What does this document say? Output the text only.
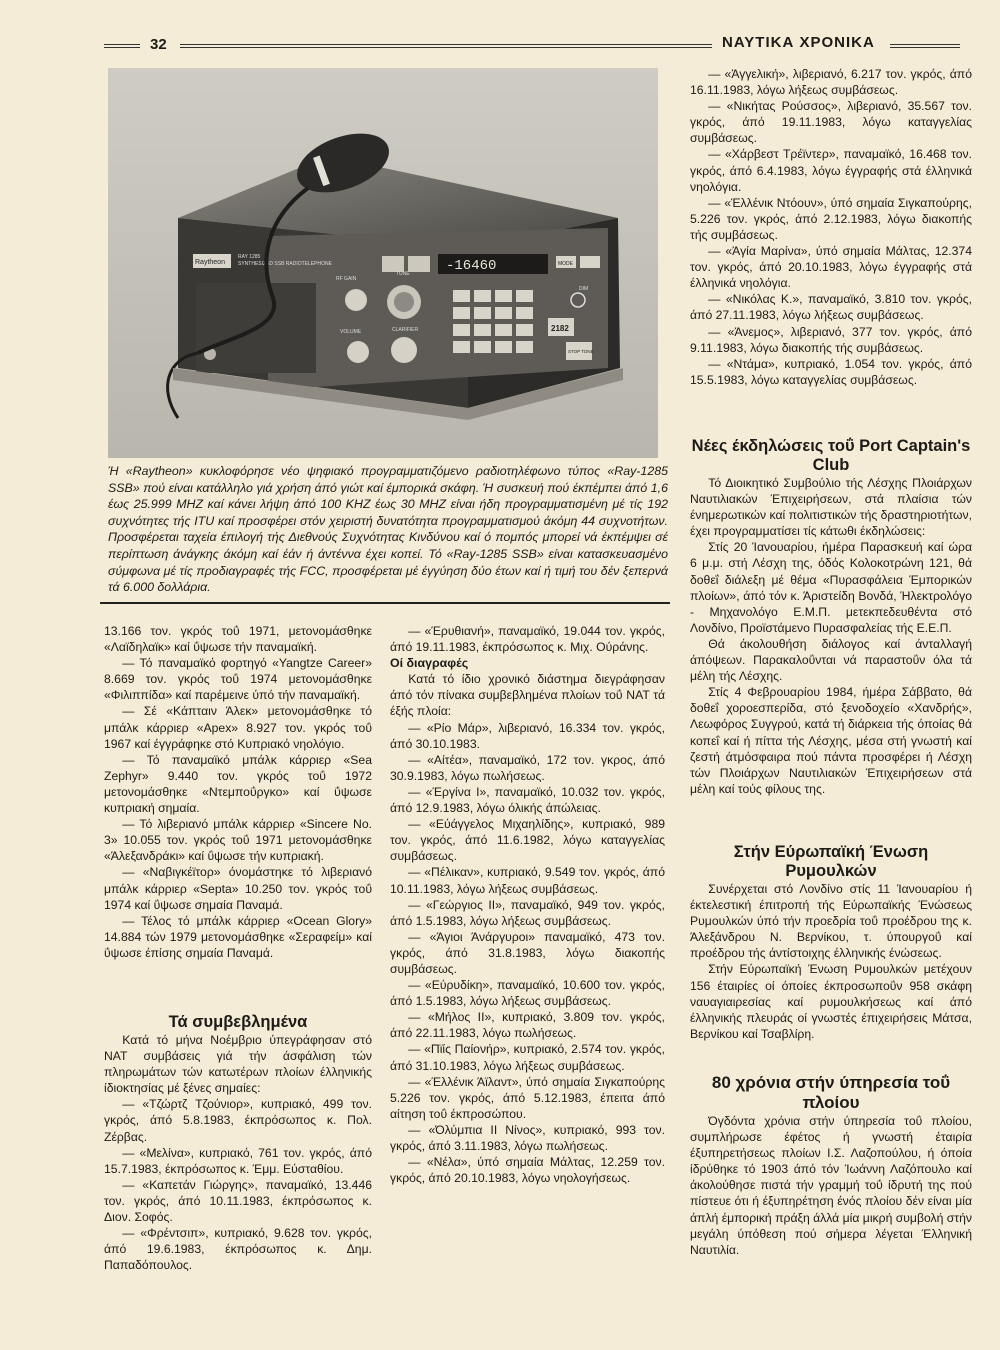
32	ΝΑΥΤΙΚΑ ΧΡΟΝΙΚΑ
Raytheon
RAY 1285
SYNTHESIZED SSB RADIOTELEPHONE	-16460	MODE
DIM
2182
STOP TONE
RF GAIN
TUNE
VOLUME	CLARIFIER
Ή «Raytheon» κυκλοφόρησε νέο ψηφιακό προγραμματιζόμενο ραδιοτηλέφωνο τύπος «Ray-1285 SSB» πού είναι κατάλληλο γιά χρήση άπό γιώτ καί έμπορικά σκάφη. Ή συσκευή πού έκπέμπει άπό 1,6 έως 25.999 MHZ καί κάνει λήψη άπό 100 KHZ έως 30 MHZ είναι ήδη προγραμματισμένη μέ τίς 192 συχνότητες τής ITU καί προσφέρει στόν χειριστή δυνατότητα προγραμματισμού άκόμη 44 συχνοτήτων. Προσφέρεται ταχεία έπιλογή τής Διεθνούς Συχνότητας Κινδύνου καί ό πομπός μπορεί νά έκπέμψει σέ περίπτωση άνάγκης άκόμη καί έάν ή άντέννα έχει κοπεί. Τό «Ray-1285 SSB» είναι κατασκευασμένο σύμφωνα μέ τίς προδιαγραφές τής FCC, προσφέρεται μέ έγγύηση δύο έτων καί ή τιμή του δέν ξεπερνά τά 6.000 δολλάρια.

13.166 τον. γκρός τοΰ 1971, μετονομάσθηκε «Λαϊδηλαϊκ» καί ΰψωσε τήν παναμαϊκή.

— Τό παναμαϊκό φορτηγό «Yangtze Career» 8.669 τον. γκρός τοΰ 1974 μετονομάσθηκε «Φιλιππίδα» καί παρέμεινε ύπό τήν παναμαϊκή.

— Σέ «Κάπταιν Άλεκ» μετονομάσθηκε τό μπάλκ κάρριερ «Apex» 8.927 τον. γκρός τοΰ 1967 καί έγγράφηκε στό Κυπριακό νηολόγιο.

— Τό παναμαϊκό μπάλκ κάρριερ «Sea Zephyr» 9.440 τον. γκρός τοΰ 1972 μετονομάσθηκε «Ντεμποΰργκο» καί ΰψωσε κυπριακή σημαία.

— Τό λιβεριανό μπάλκ κάρριερ «Sincere No. 3» 10.055 τον. γκρός τοΰ 1971 μετονομάσθηκε «Άλεξανδράκι» καί ΰψωσε τήν κυπριακή.

— «Ναβιγκέϊτορ» όνομάστηκε τό λιβεριανό μπάλκ κάρριερ «Septa» 10.250 τον. γκρός τοΰ 1974 καί ΰψωσε σημαία Παναμά.

— Τέλος τό μπάλκ κάρριερ «Ocean Glory» 14.884 τών 1979 μετονομάσθηκε «Σεραφείμ» καί ΰψωσε έπίσης σημαία Παναμά.

Τά συμβεβλημένα

Κατά τό μήνα Νοέμβριο ύπεγράφησαν στό ΝΑΤ συμβάσεις γιά τήν άσφάλιση τών πληρωμάτων τών κατωτέρων πλοίων έλληνικής ίδιοκτησίας μέ ξένες σημαίες:

— «Τζώρτζ Τζούνιορ», κυπριακό, 499 τον. γκρός, άπό 5.8.1983, έκπρόσωπος κ. Πολ. Ζέρβας.

— «Μελίνα», κυπριακό, 761 τον. γκρός, άπό 15.7.1983, έκπρόσωπος κ. Έμμ. Εύσταθίου.

— «Καπετάν Γιώργης», παναμαϊκό, 13.446 τον. γκρός, άπό 10.11.1983, έκπρόσωπος κ. Διον. Σοφός.

— «Φρέντσιπ», κυπριακό, 9.628 τον. γκρός, άπό 19.6.1983, έκπρόσωπος κ. Δημ. Παπαδόπουλος.

— «Έρυθιανή», παναμαϊκό, 19.044 τον. γκρός, άπό 19.11.1983, έκπρόσωπος κ. Μιχ. Ούράνης.

Οί διαγραφές

Κατά τό ίδιο χρονικό διάστημα διεγράφησαν άπό τόν πίνακα συμβεβλημένα πλοίων τοΰ ΝΑΤ τά έξής πλοία:

— «Ρίο Μάρ», λιβεριανό, 16.334 τον. γκρός, άπό 30.10.1983.

— «Αίτέα», παναμαϊκό, 172 τον. γκρος, άπό 30.9.1983, λόγω πωλήσεως.

— «Έργίνα Ι», παναμαϊκό, 10.032 τον. γκρός, άπό 12.9.1983, λόγω όλικής άπώλειας.

— «Εύάγγελος Μιχαηλίδης», κυπριακό, 989 τον. γκρός, άπό 11.6.1982, λόγω καταγγελίας συμβάσεως.

— «Πέλικαν», κυπριακό, 9.549 τον. γκρός, άπό 10.11.1983, λόγω λήξεως συμβάσεως.

— «Γεώργιος ΙΙ», παναμαϊκό, 949 τον. γκρός, άπό 1.5.1983, λόγω λήξεως συμβάσεως.

— «Άγιοι Άνάργυροι» παναμαϊκό, 473 τον. γκρός, άπό 31.8.1983, λόγω διακοπής συμβάσεως.

— «Εύρυδίκη», παναμαϊκό, 10.600 τον. γκρός, άπό 1.5.1983, λόγω λήξεως συμβάσεως.

— «Μήλος ΙΙ», κυπριακό, 3.809 τον. γκρός, άπό 22.11.1983, λόγω πωλήσεως.

— «Πϊίς Παίονήρ», κυπριακό, 2.574 τον. γκρός, άπό 31.10.1983, λόγω λήξεως συμβάσεως.

— «Έλλένικ Άϊλαντ», ύπό σημαία Σιγκαπούρης 5.226 τον. γκρός, άπό 5.12.1983, έπειτα άπό αίτηση τοΰ έκπροσώπου.

— «Όλύμπια ΙΙ Νίνος», κυπριακό, 993 τον. γκρός, άπό 3.11.1983, λόγω πωλήσεως.

— «Νέλα», ύπό σημαία Μάλτας, 12.259 τον. γκρός, άπό 20.10.1983, λόγω νηολογήσεως.

— «Άγγελική», λιβεριανό, 6.217 τον. γκρός, άπό 16.11.1983, λόγω λήξεως συμβάσεως.

— «Νικήτας Ρούσσος», λιβεριανό, 35.567 τον. γκρός, άπό 19.11.1983, λόγω καταγγελίας συμβάσεως.

— «Χάρβεστ Τρέϊντερ», παναμαϊκό, 16.468 τον. γκρός, άπό 6.4.1983, λόγω έγγραφής στά έλληνικά νηολόγια.

— «Έλλένικ Ντόουν», ύπό σημαία Σιγκαπούρης, 5.226 τον. γκρός, άπό 2.12.1983, λόγω διακοπής τής συμβάσεως.

— «Άγία Μαρίνα», ύπό σημαία Μάλτας, 12.374 τον. γκρός, άπό 20.10.1983, λόγω έγγραφής στά έλληνικά νηολόγια.

— «Νικόλας Κ.», παναμαϊκό, 3.810 τον. γκρός, άπό 27.11.1983, λόγω λήξεως συμβάσεως.

— «Άνεμος», λιβεριανό, 377 τον. γκρός, άπό 9.11.1983, λόγω διακοπής τής συμβάσεως.

— «Ντάμα», κυπριακό, 1.054 τον. γκρός, άπό 15.5.1983, λόγω καταγγελίας συμβάσεως.

Νέες έκδηλώσεις τοΰ Port Captain's Club

Τό Διοικητικό Συμβούλιο τής Λέσχης Πλοιάρχων Ναυτιλιακών Έπιχειρήσεων, στά πλαίσια τών ένημερωτικών καί πολιτιστικών τής δραστηριοτήτων, έχει προγραμματίσει τίς κάτωθι έκδηλώσεις:

Στίς 20 Ίανουαρίου, ήμέρα Παρασκευή καί ώρα 6 μ.μ. στή Λέσχη της, όδός Κολοκοτρώνη 121, θά δοθεΐ διάλεξη μέ θέμα «Πυρασφάλεια Έμπορικών πλοίων», άπό τόν κ. Άριστείδη Βονδά, Ήλεκτρολόγο - Μηχανολόγο Ε.Μ.Π. μετεκπεδευθέντα στό Λονδίνο, Προϊστάμενο Πυρασφαλείας τής Ε.Ε.Π.

Θά άκολουθήση διάλογος καί άνταλλαγή άπόψεων. Παρακαλοΰνται νά παραστοΰν όλα τά μέλη τής Λέσχης.

Στίς 4 Φεβρουαρίου 1984, ήμέρα Σάββατο, θά δοθεΐ χοροεσπερίδα, στό ξενοδοχείο «Χανδρής», Λεωφόρος Συγγρού, κατά τή διάρκεια τής όποίας θά κοπεΐ καί ή πίττα τής Λέσχης, μέσα στή γνωστή καί ζεστή άτμόσφαιρα πού πάντα προσφέρει ή Λέσχη τών Πλοιάρχων Ναυτιλιακών Έπιχειρήσεων στά μέλη καί τούς φίλους της.

Στήν Εύρωπαϊκή Ένωση Ρυμουλκών

Συνέρχεται στό Λονδίνο στίς 11 Ίανουαρίου ή έκτελεστική έπιτροπή τής Εύρωπαϊκής Ένώσεως Ρυμουλκών ύπό τήν προεδρία τοΰ προέδρου της κ. Άλεξάνδρου Ν. Βερνίκου, τ. ύπουργοΰ καί προέδρου τής άντίστοιχης έλληνικής ένώσεως.

Στήν Εύρωπαϊκή Ένωση Ρυμουλκών μετέχουν 156 έταιρίες οί όποίες έκπροσωποΰν 958 σκάφη ναυαγιαιρεσίας καί ρυμουλκήσεως καί άπό έλληνικής πλευράς οί γνωστές έπιχειρήσεις Μάτσα, Βερνίκου καί Τσαβλίρη.

80 χρόνια στήν ύπηρεσία τοΰ πλοίου

Όγδόντα χρόνια στήν ύπηρεσία τοΰ πλοίου, συμπλήρωσε έφέτος ή γνωστή έταιρία έξυπηρετήσεως πλοίων Ι.Σ. Λαζοπούλου, ή όποία ίδρύθηκε τό 1903 άπό τόν Ίωάννη Λαζόπουλο καί άκολούθησε πιστά τήν γραμμή τοΰ ίδρυτή της πού πίστευε ότι ή έξυπηρέτηση ένός πλοίου δέν είναι μία άπλή έμπορική πράξη άλλά μία μικρή συμβολή στήν μεγάλη ύπόθεση πού σήμερα λέγεται Έλληνική Ναυτιλία.
